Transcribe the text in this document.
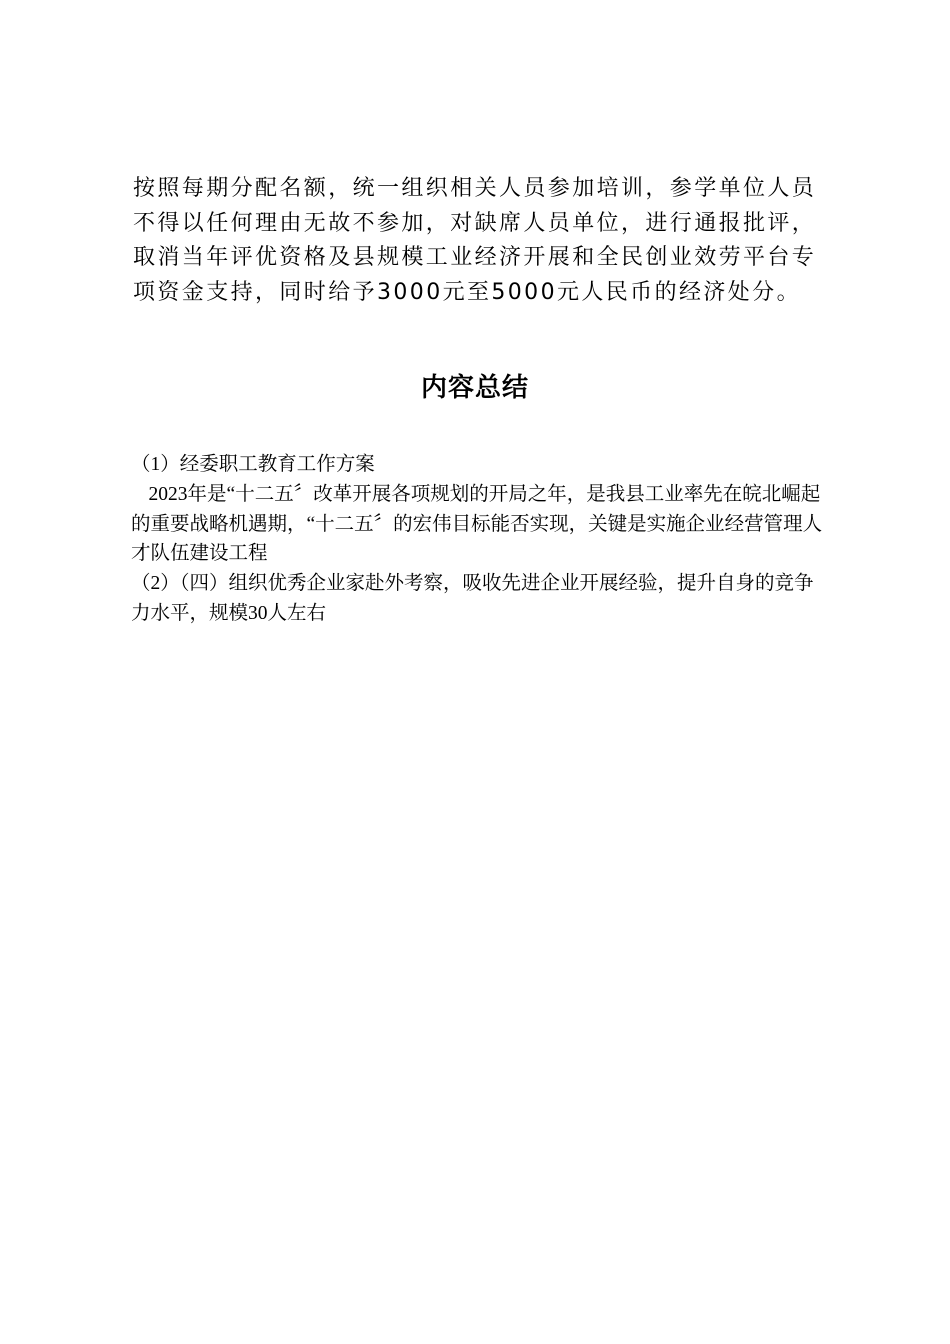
按照每期分配名额，统一组织相关人员参加培训，参学单位人员不得以任何理由无故不参加，对缺席人员单位，进行通报批评，取消当年评优资格及县规模工业经济开展和全民创业效劳平台专项资金支持，同时给予3000元至5000元人民币的经济处分。

内容总结

（1）经委职工教育工作方案

2023年是“十二五〞改革开展各项规划的开局之年，是我县工业率先在皖北崛起的重要战略机遇期，“十二五〞的宏伟目标能否实现，关键是实施企业经营管理人才队伍建设工程

（2）（四）组织优秀企业家赴外考察，吸收先进企业开展经验，提升自身的竞争力水平，规模30人左右
